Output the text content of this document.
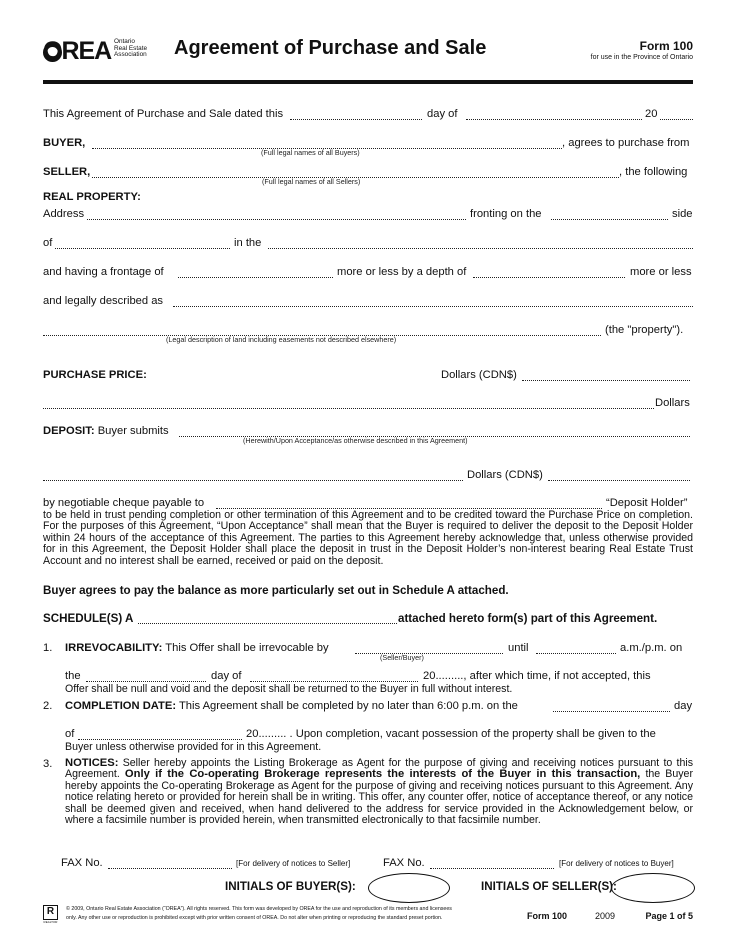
OREA Ontario
Real Estate
Association Agreement of Purchase and Sale	Form 100
for use in the Province of Ontario
This Agreement of Purchase and Sale dated this	day of	20
BUYER,	, agrees to purchase from
(Full legal names of all Buyers)
SELLER,	, the following
(Full legal names of all Sellers)
REAL PROPERTY:
Address	fronting on the	side
of	in the
and having a frontage of	more or less by a depth of	more or less
and legally described as
(the "property").
(Legal description of land including easements not described elsewhere)
PURCHASE PRICE:	Dollars (CDN$)
Dollars
DEPOSIT: Buyer submits
(Herewith/Upon Acceptance/as otherwise described in this Agreement)
Dollars (CDN$)
by negotiable cheque payable to	“Deposit Holder”
to be held in trust pending completion or other termination of this Agreement and to be credited toward the Purchase Price on completion. For the purposes of this Agreement, “Upon Acceptance” shall mean that the Buyer is required to deliver the deposit to the Deposit Holder within 24 hours of the acceptance of this Agreement. The parties to this Agreement hereby acknowledge that, unless otherwise provided for in this Agreement, the Deposit Holder shall place the deposit in trust in the Deposit Holder’s non-interest bearing Real Estate Trust Account and no interest shall be earned, received or paid on the deposit.
Buyer agrees to pay the balance as more particularly set out in Schedule A attached.
SCHEDULE(S) A	attached hereto form(s) part of this Agreement.
1. IRREVOCABILITY: This Offer shall be irrevocable by
(Seller/Buyer)
until	a.m./p.m. on
the	day of	20........., after which time, if not accepted, this
Offer shall be null and void and the deposit shall be returned to the Buyer in full without interest.
2. COMPLETION DATE: This Agreement shall be completed by no later than 6:00 p.m. on the	day
of	20......... . Upon completion, vacant possession of the property shall be given to the
Buyer unless otherwise provided for in this Agreement.
3. NOTICES: Seller hereby appoints the Listing Brokerage as Agent for the purpose of giving and receiving notices pursuant to this Agreement. Only if the Co-operating Brokerage represents the interests of the Buyer in this transaction, the Buyer hereby appoints the Co-operating Brokerage as Agent for the purpose of giving and receiving notices pursuant to this Agreement. Any notice relating hereto or provided for herein shall be in writing. This offer, any counter offer, notice of acceptance thereof, or any notice shall be deemed given and received, when hand delivered to the address for service provided in the Acknowledgement below, or where a facsimile number is provided herein, when transmitted electronically to that facsimile number.
FAX No.	[For delivery of notices to Seller]	FAX No.	[For delivery of notices to Buyer]
INITIALS OF BUYER(S):	INITIALS OF SELLER(S):
R
REALTOR
© 2009, Ontario Real Estate Association (“OREA”). All rights reserved. This form was developed by OREA for the use and reproduction of its members and licensees
only. Any other use or reproduction is prohibited except with prior written consent of OREA. Do not alter when printing or reproducing the standard preset portion.	Form 100	2009	Page 1 of 5
